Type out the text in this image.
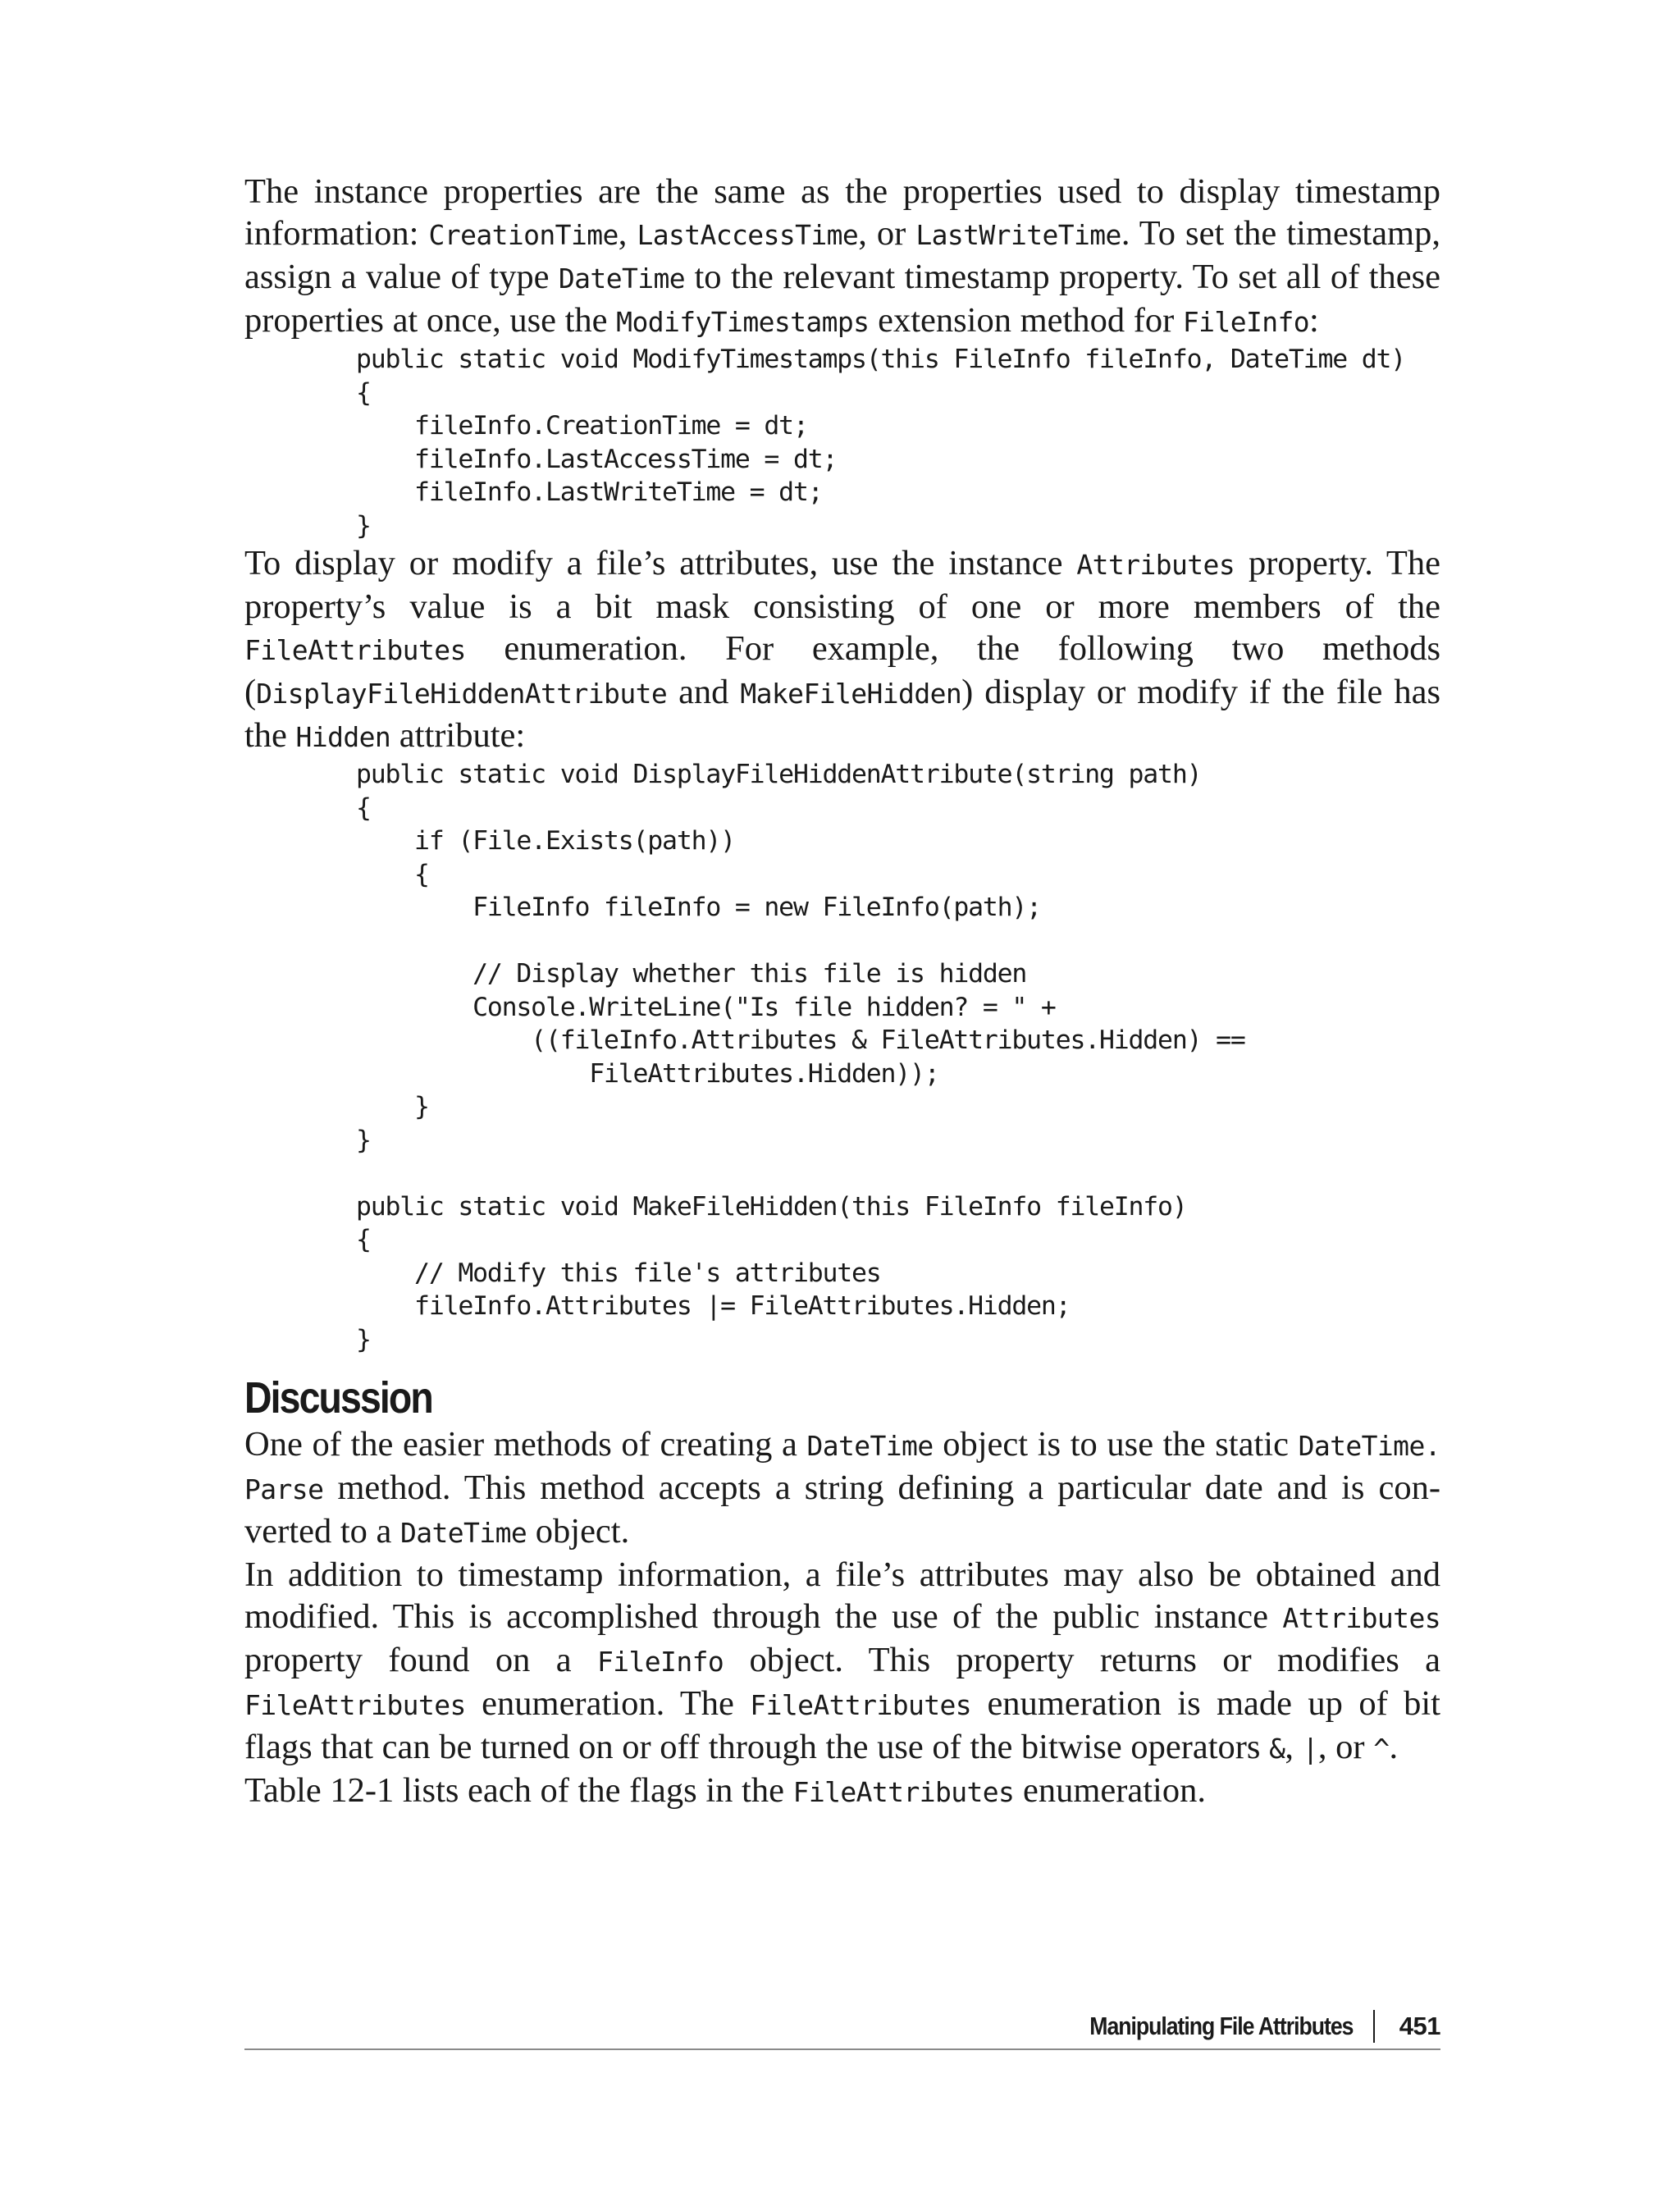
The instance properties are the same as the properties used to display timestamp information: CreationTime, LastAccessTime, or LastWriteTime. To set the timestamp, assign a value of type DateTime to the relevant timestamp property. To set all of these properties at once, use the ModifyTimestamps extension method for FileInfo:

public static void ModifyTimestamps(this FileInfo fileInfo, DateTime dt)
{
fileInfo.CreationTime = dt;
fileInfo.LastAccessTime = dt;
fileInfo.LastWriteTime = dt;
}

To display or modify a file’s attributes, use the instance Attributes property. The property’s value is a bit mask consisting of one or more members of the FileAttributes enumeration. For example, the following two methods (DisplayFileHiddenAttribute and MakeFileHidden) display or modify if the file has the Hidden attribute:

public static void DisplayFileHiddenAttribute(string path)
{
if (File.Exists(path))
{
FileInfo fileInfo = new FileInfo(path);

// Display whether this file is hidden
Console.WriteLine("Is file hidden? = " +
((fileInfo.Attributes & FileAttributes.Hidden) ==
FileAttributes.Hidden));
}
}

public static void MakeFileHidden(this FileInfo fileInfo)
{
// Modify this file's attributes
fileInfo.Attributes |= FileAttributes.Hidden;
}
Discussion

One of the easier methods of creating a DateTime object is to use the static DateTime.​Parse method. This method accepts a string defining a particular date and is converted to a DateTime object.

In addition to timestamp information, a file’s attributes may also be obtained and modified. This is accomplished through the use of the public instance Attributes property found on a FileInfo object. This property returns or modifies a FileAttributes enumeration. The FileAttributes enumeration is made up of bit flags that can be turned on or off through the use of the bitwise operators &, |, or ^.

Table 12-1 lists each of the flags in the FileAttributes enumeration.

Manipulating File Attributes 451
